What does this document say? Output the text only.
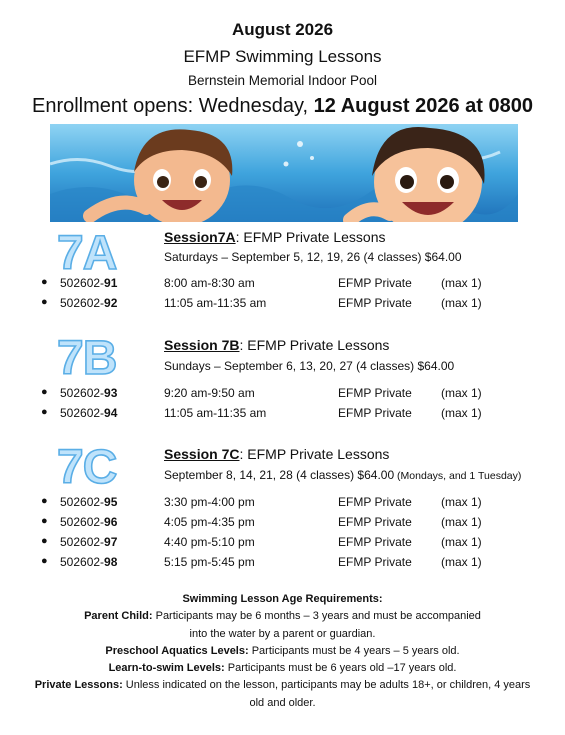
August 2026
EFMP Swimming Lessons
Bernstein Memorial Indoor Pool
Enrollment opens: Wednesday, 12 August 2026 at 0800
7A	Session7A: EFMP Private Lessons
Saturdays – September 5, 12, 19, 26 (4 classes) $64.00
● 502602-91	8:00 am-8:30 am	EFMP Private (max 1)
● 502602-92	11:05 am-11:35 am	EFMP Private (max 1)
7B	Session 7B: EFMP Private Lessons
Sundays – September 6, 13, 20, 27 (4 classes) $64.00
● 502602-93	9:20 am-9:50 am	EFMP Private (max 1)
● 502602-94	11:05 am-11:35 am	EFMP Private (max 1)
7C	Session 7C: EFMP Private Lessons
September 8, 14, 21, 28 (4 classes) $64.00 (Mondays, and 1 Tuesday)
● 502602-95	3:30 pm-4:00 pm	EFMP Private (max 1)
● 502602-96	4:05 pm-4:35 pm	EFMP Private (max 1)
● 502602-97	4:40 pm-5:10 pm	EFMP Private (max 1)
● 502602-98	5:15 pm-5:45 pm	EFMP Private (max 1)
Swimming Lesson Age Requirements:
Parent Child: Participants may be 6 months – 3 years and must be accompanied
into the water by a parent or guardian.
Preschool Aquatics Levels: Participants must be 4 years – 5 years old.
Learn-to-swim Levels: Participants must be 6 years old –17 years old.
Private Lessons: Unless indicated on the lesson, participants may be adults 18+, or children, 4 years
old and older.
